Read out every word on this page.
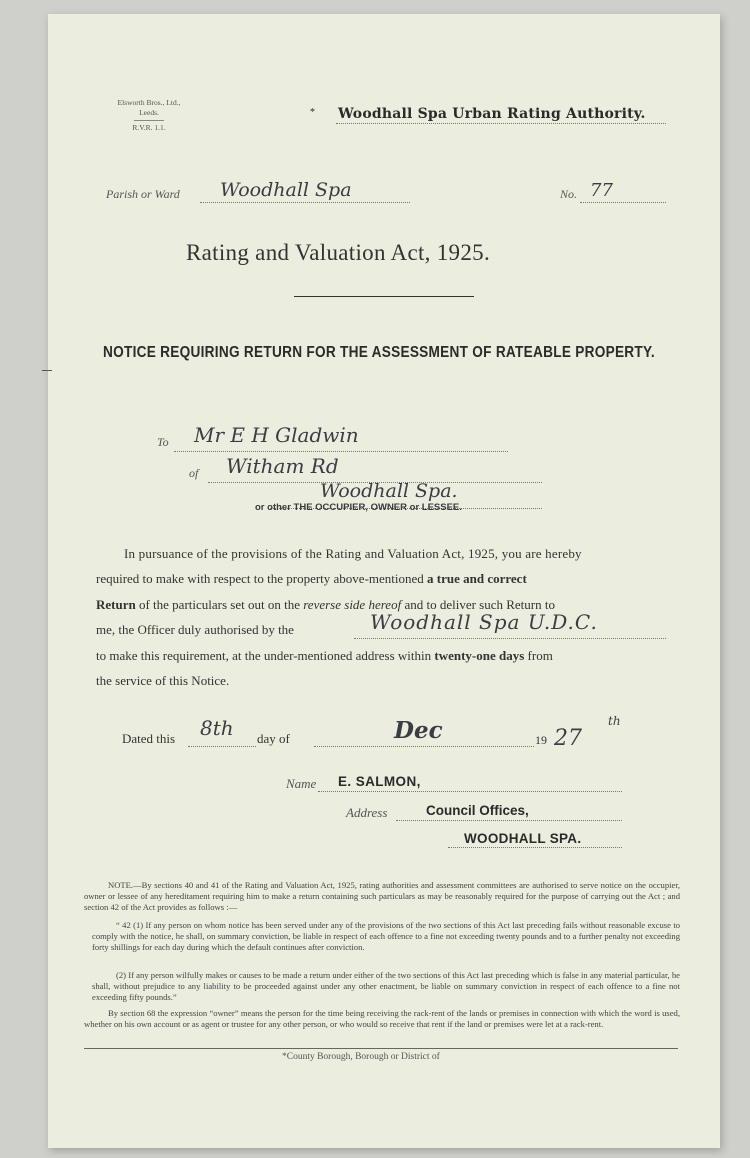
Elsworth Bros., Ltd.,
Leeds.
R.V.R. 1.1.
* Woodhall Spa Urban Rating Authority.
Parish or Ward Woodhall Spa	No. 77
Rating and Valuation Act, 1925.
NOTICE REQUIRING RETURN FOR THE ASSESSMENT OF RATEABLE PROPERTY.
To Mr E H Gladwin
of Witham Rd
Woodhall Spa.
or other THE OCCUPIER, OWNER or LESSEE.
In pursuance of the provisions of the Rating and Valuation Act, 1925, you are hereby
required to make with respect to the property above-mentioned a true and correct
Return of the particulars set out on the reverse side hereof and to deliver such Return to
me, the Officer duly authorised by the	Woodhall Spa U.D.C.
to make this requirement, at the under-mentioned address within twenty-one days from
the service of this Notice.
Dated this 8th day of	Dec	19 27
th
Name E. SALMON,
Address	Council Offices,
WOODHALL SPA.
NOTE.—By sections 40 and 41 of the Rating and Valuation Act, 1925, rating authorities and assessment committees are authorised to serve notice on the occupier, owner or lessee of any hereditament requiring him to make a return containing such particulars as may be reasonably required for the purpose of carrying out the Act ; and section 42 of the Act provides as follows :—
“ 42 (1) If any person on whom notice has been served under any of the provisions of the two sections of this Act last preceding fails without reasonable excuse to comply with the notice, he shall, on summary conviction, be liable in respect of each offence to a fine not exceeding twenty pounds and to a further penalty not exceeding forty shillings for each day during which the default continues after conviction.
(2) If any person wilfully makes or causes to be made a return under either of the two sections of this Act last preceding which is false in any material particular, he shall, without prejudice to any liability to be proceeded against under any other enactment, be liable on summary conviction in respect of each offence to a fine not exceeding fifty pounds.”
By section 68 the expression “owner” means the person for the time being receiving the rack-rent of the lands or premises in connection with which the word is used, whether on his own account or as agent or trustee for any other person, or who would so receive that rent if the land or premises were let at a rack-rent.
*County Borough, Borough or District of
